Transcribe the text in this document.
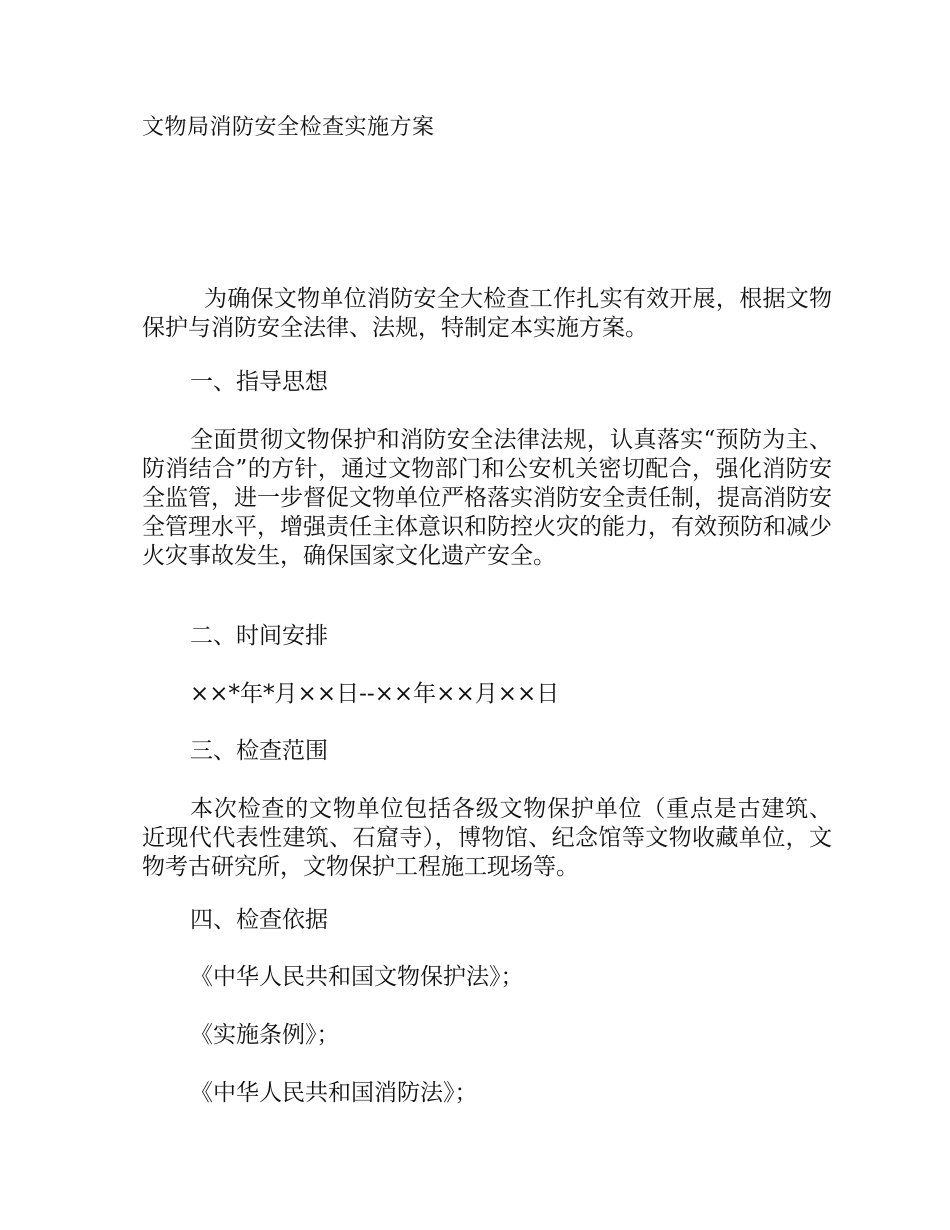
文物局消防安全检查实施方案
为确保文物单位消防安全大检查工作扎实有效开展，根据文物保护与消防安全法律、法规，特制定本实施方案。
一、指导思想
全面贯彻文物保护和消防安全法律法规，认真落实“预防为主、防消结合”的方针，通过文物部门和公安机关密切配合，强化消防安全监管，进一步督促文物单位严格落实消防安全责任制，提高消防安全管理水平，增强责任主体意识和防控火灾的能力，有效预防和减少火灾事故发生，确保国家文化遗产安全。
二、时间安排
××*年*月××日--××年××月××日
三、检查范围
本次检查的文物单位包括各级文物保护单位（重点是古建筑、近现代代表性建筑、石窟寺），博物馆、纪念馆等文物收藏单位，文物考古研究所，文物保护工程施工现场等。
四、检查依据
《中华人民共和国文物保护法》；
《实施条例》；
《中华人民共和国消防法》；
